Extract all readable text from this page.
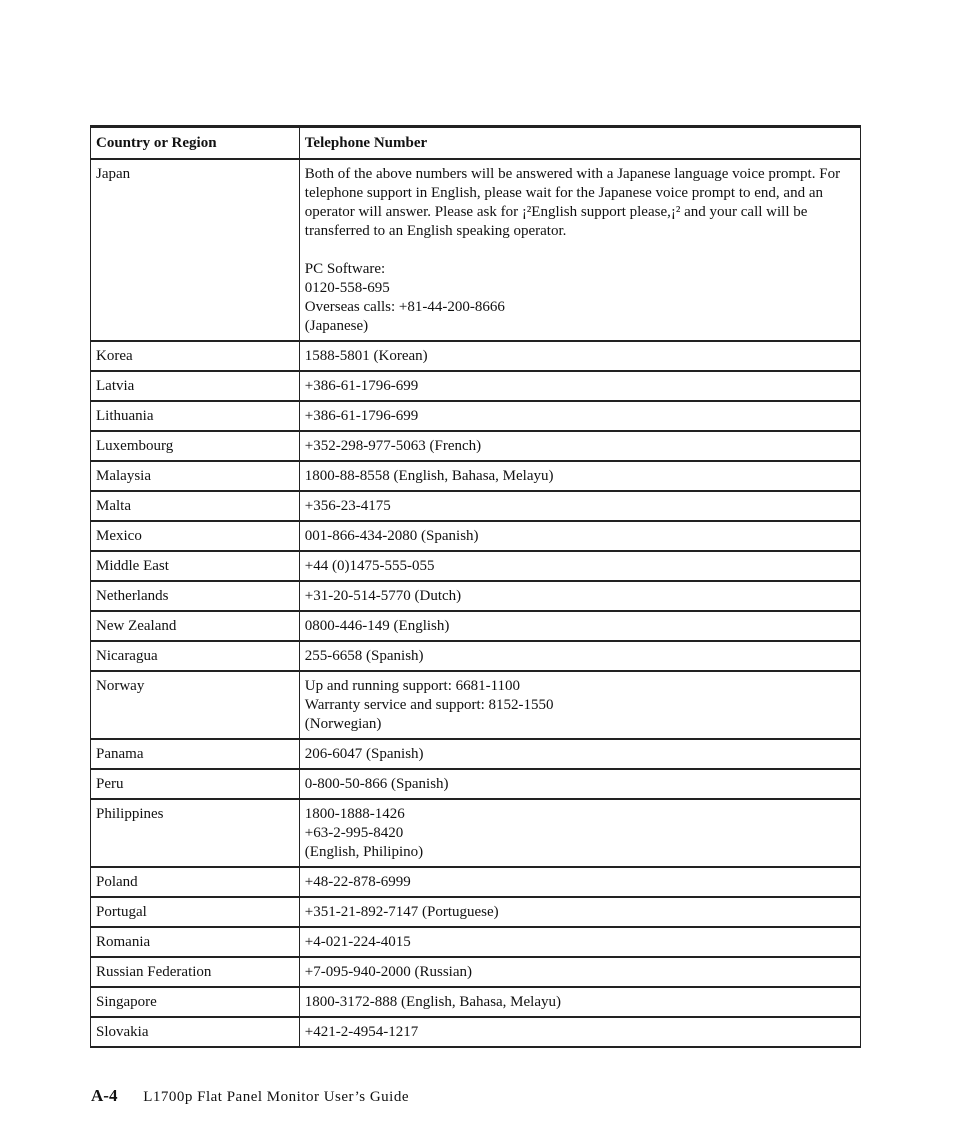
Country or Region	Telephone Number
Japan	Both of the above numbers will be answered with a Japanese language voice prompt. For telephone support in English, please wait for the Japanese voice prompt to end, and an operator will answer. Please ask for ¡²English support please,¡² and your call will be transferred to an English speaking operator.
PC Software:
0120-558-695
Overseas calls: +81-44-200-8666
(Japanese)

Korea	1588-5801 (Korean)

Latvia	+386-61-1796-699

Lithuania	+386-61-1796-699

Luxembourg	+352-298-977-5063 (French)

Malaysia	1800-88-8558 (English, Bahasa, Melayu)

Malta	+356-23-4175

Mexico	001-866-434-2080 (Spanish)

Middle East	+44 (0)1475-555-055

Netherlands	+31-20-514-5770 (Dutch)

New Zealand	0800-446-149 (English)

Nicaragua	255-6658 (Spanish)

Norway	Up and running support: 6681-1100
Warranty service and support: 8152-1550
(Norwegian)

Panama	206-6047 (Spanish)

Peru	0-800-50-866 (Spanish)

Philippines	1800-1888-1426
+63-2-995-8420
(English, Philipino)

Poland	+48-22-878-6999

Portugal	+351-21-892-7147 (Portuguese)

Romania	+4-021-224-4015

Russian Federation	+7-095-940-2000 (Russian)

Singapore	1800-3172-888 (English, Bahasa, Melayu)

Slovakia	+421-2-4954-1217
A-4 L1700p Flat Panel Monitor User’s Guide
